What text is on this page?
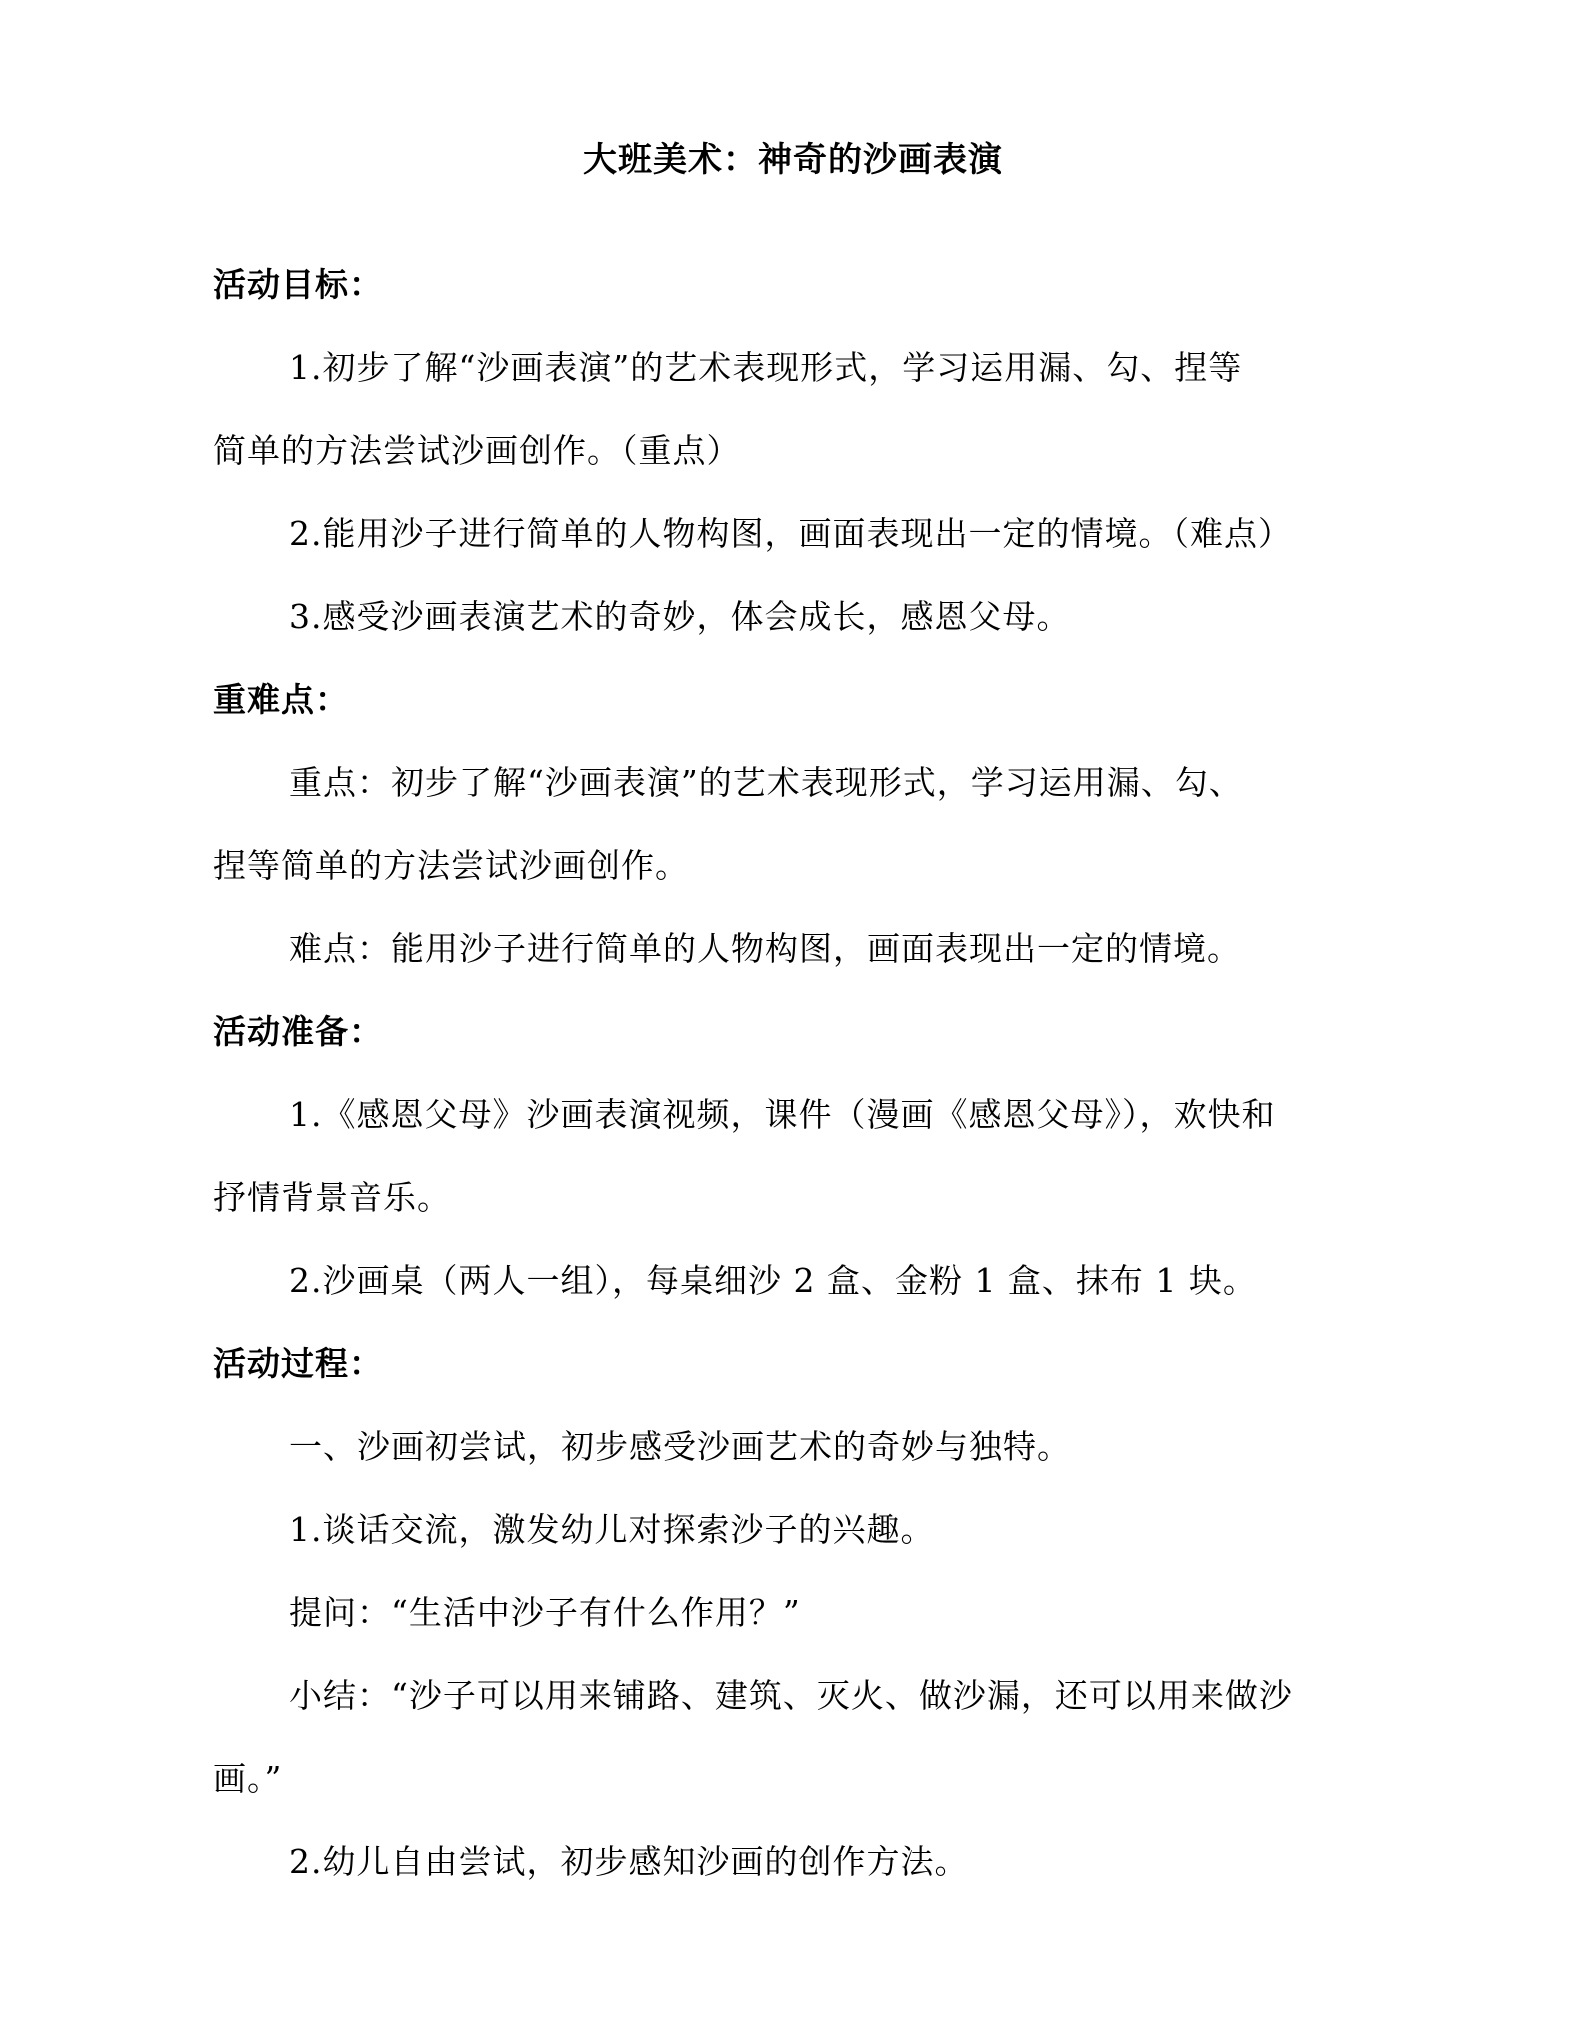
大班美术：神奇的沙画表演
活动目标：
1.初步了解“沙画表演”的艺术表现形式，学习运用漏、勾、捏等
简单的方法尝试沙画创作。（重点）
2.能用沙子进行简单的人物构图，画面表现出一定的情境。（难点）
3.感受沙画表演艺术的奇妙，体会成长，感恩父母。
重难点：
重点：初步了解“沙画表演”的艺术表现形式，学习运用漏、勾、
捏等简单的方法尝试沙画创作。
难点：能用沙子进行简单的人物构图，画面表现出一定的情境。
活动准备：
1.《感恩父母》沙画表演视频，课件（漫画《感恩父母》），欢快和
抒情背景音乐。
2.沙画桌（两人一组），每桌细沙 2 盒、金粉 1 盒、抹布 1 块。
活动过程：
一、沙画初尝试，初步感受沙画艺术的奇妙与独特。
1.谈话交流，激发幼儿对探索沙子的兴趣。
提问：“生活中沙子有什么作用？”
小结：“沙子可以用来铺路、建筑、灭火、做沙漏，还可以用来做沙
画。”
2.幼儿自由尝试，初步感知沙画的创作方法。
